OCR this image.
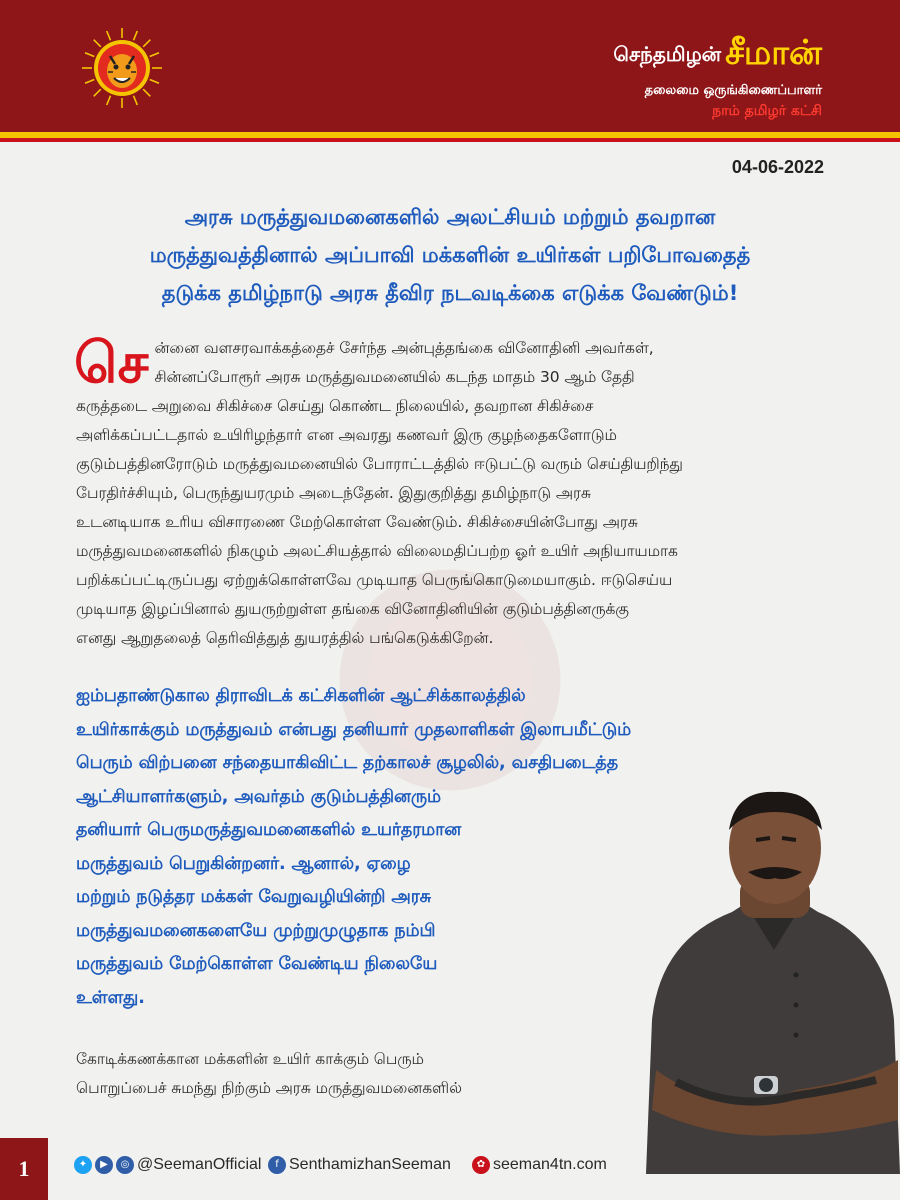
செந்தமிழன் சீமான்
தலைமை ஒருங்கிணைப்பாளர்
நாம் தமிழர் கட்சி
04-06-2022
அரசு மருத்துவமனைகளில் அலட்சியம் மற்றும் தவறான
மருத்துவத்தினால் அப்பாவி மக்களின் உயிர்கள் பறிபோவதைத்
தடுக்க தமிழ்நாடு அரசு தீவிர நடவடிக்கை எடுக்க வேண்டும்!
செ ன்னை வளசரவாக்கத்தைச் சேர்ந்த அன்புத்தங்கை வினோதினி அவர்கள்,
சின்னப்போரூர் அரசு மருத்துவமனையில் கடந்த மாதம் 30 ஆம் தேதி
கருத்தடை அறுவை சிகிச்சை செய்து கொண்ட நிலையில், தவறான சிகிச்சை
அளிக்கப்பட்டதால் உயிரிழந்தார் என அவரது கணவர் இரு குழந்தைகளோடும்
குடும்பத்தினரோடும் மருத்துவமனையில் போராட்டத்தில் ஈடுபட்டு வரும் செய்தியறிந்து
பேரதிர்ச்சியும், பெருந்துயரமும் அடைந்தேன். இதுகுறித்து தமிழ்நாடு அரசு
உடனடியாக உரிய விசாரணை மேற்கொள்ள வேண்டும். சிகிச்சையின்போது அரசு
மருத்துவமனைகளில் நிகழும் அலட்சியத்தால் விலைமதிப்பற்ற ஓர் உயிர் அநியாயமாக
பறிக்கப்பட்டிருப்பது ஏற்றுக்கொள்ளவே முடியாத பெருங்கொடுமையாகும். ஈடுசெய்ய
முடியாத இழப்பினால் துயருற்றுள்ள தங்கை வினோதினியின் குடும்பத்தினருக்கு
எனது ஆறுதலைத் தெரிவித்துத் துயரத்தில் பங்கெடுக்கிறேன்.
ஐம்பதாண்டுகால திராவிடக் கட்சிகளின் ஆட்சிக்காலத்தில்
உயிர்காக்கும் மருத்துவம் என்பது தனியார் முதலாளிகள் இலாபமீட்டும்
பெரும் விற்பனை சந்தையாகிவிட்ட தற்காலச் சூழலில், வசதிபடைத்த
ஆட்சியாளர்களும், அவர்தம் குடும்பத்தினரும்
தனியார் பெருமருத்துவமனைகளில் உயர்தரமான
மருத்துவம் பெறுகின்றனர். ஆனால், ஏழை
மற்றும் நடுத்தர மக்கள் வேறுவழியின்றி அரசு
மருத்துவமனைகளையே முற்றுமுழுதாக நம்பி
மருத்துவம் மேற்கொள்ள வேண்டிய நிலையே
உள்ளது.
கோடிக்கணக்கான மக்களின் உயிர் காக்கும் பெரும்
பொறுப்பைச் சுமந்து நிற்கும் அரசு மருத்துவமனைகளில்
1	✦	▶	◎ @SeemanOfficial	f SenthamizhanSeeman	✿ seeman4tn.com
